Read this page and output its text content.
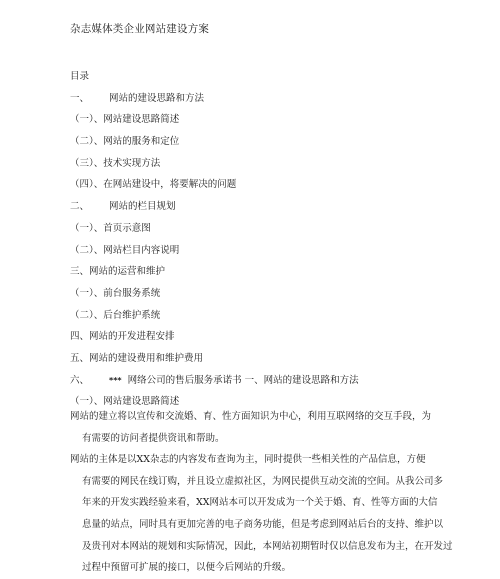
杂志媒体类企业网站建设方案
目录
一、 网站的建设思路和方法
（一）、网站建设思路简述
（二）、网站的服务和定位
（三）、技术实现方法
（四）、在网站建设中，将要解决的问题
二、 网站的栏目规划
（一）、首页示意图
（二）、网站栏目内容说明
三、网站的运营和维护
（一）、前台服务系统
（二）、后台维护系统
四、网站的开发进程安排
五、网站的建设费用和维护费用
六、	*** 网络公司的售后服务承诺书 一、网站的建设思路和方法
（一）、网站建设思路简述
网站的建立将以宣传和交流婚、育、性方面知识为中心，利用互联网络的交互手段，为
有需要的访问者提供资讯和帮助。
网站的主体是以XX杂志的内容发布查询为主，同时提供一些相关性的产品信息，方便
有需要的网民在线订购，并且设立虚拟社区，为网民提供互动交流的空间。从我公司多
年来的开发实践经验来看，XX网站本可以开发成为一个关于婚、育、性等方面的大信
息量的站点，同时具有更加完善的电子商务功能，但是考虑到网站后台的支持、维护以
及贵刊对本网站的规划和实际情况，因此，本网站初期暂时仅以信息发布为主，在开发过
过程中预留可扩展的接口，以便今后网站的升级。
